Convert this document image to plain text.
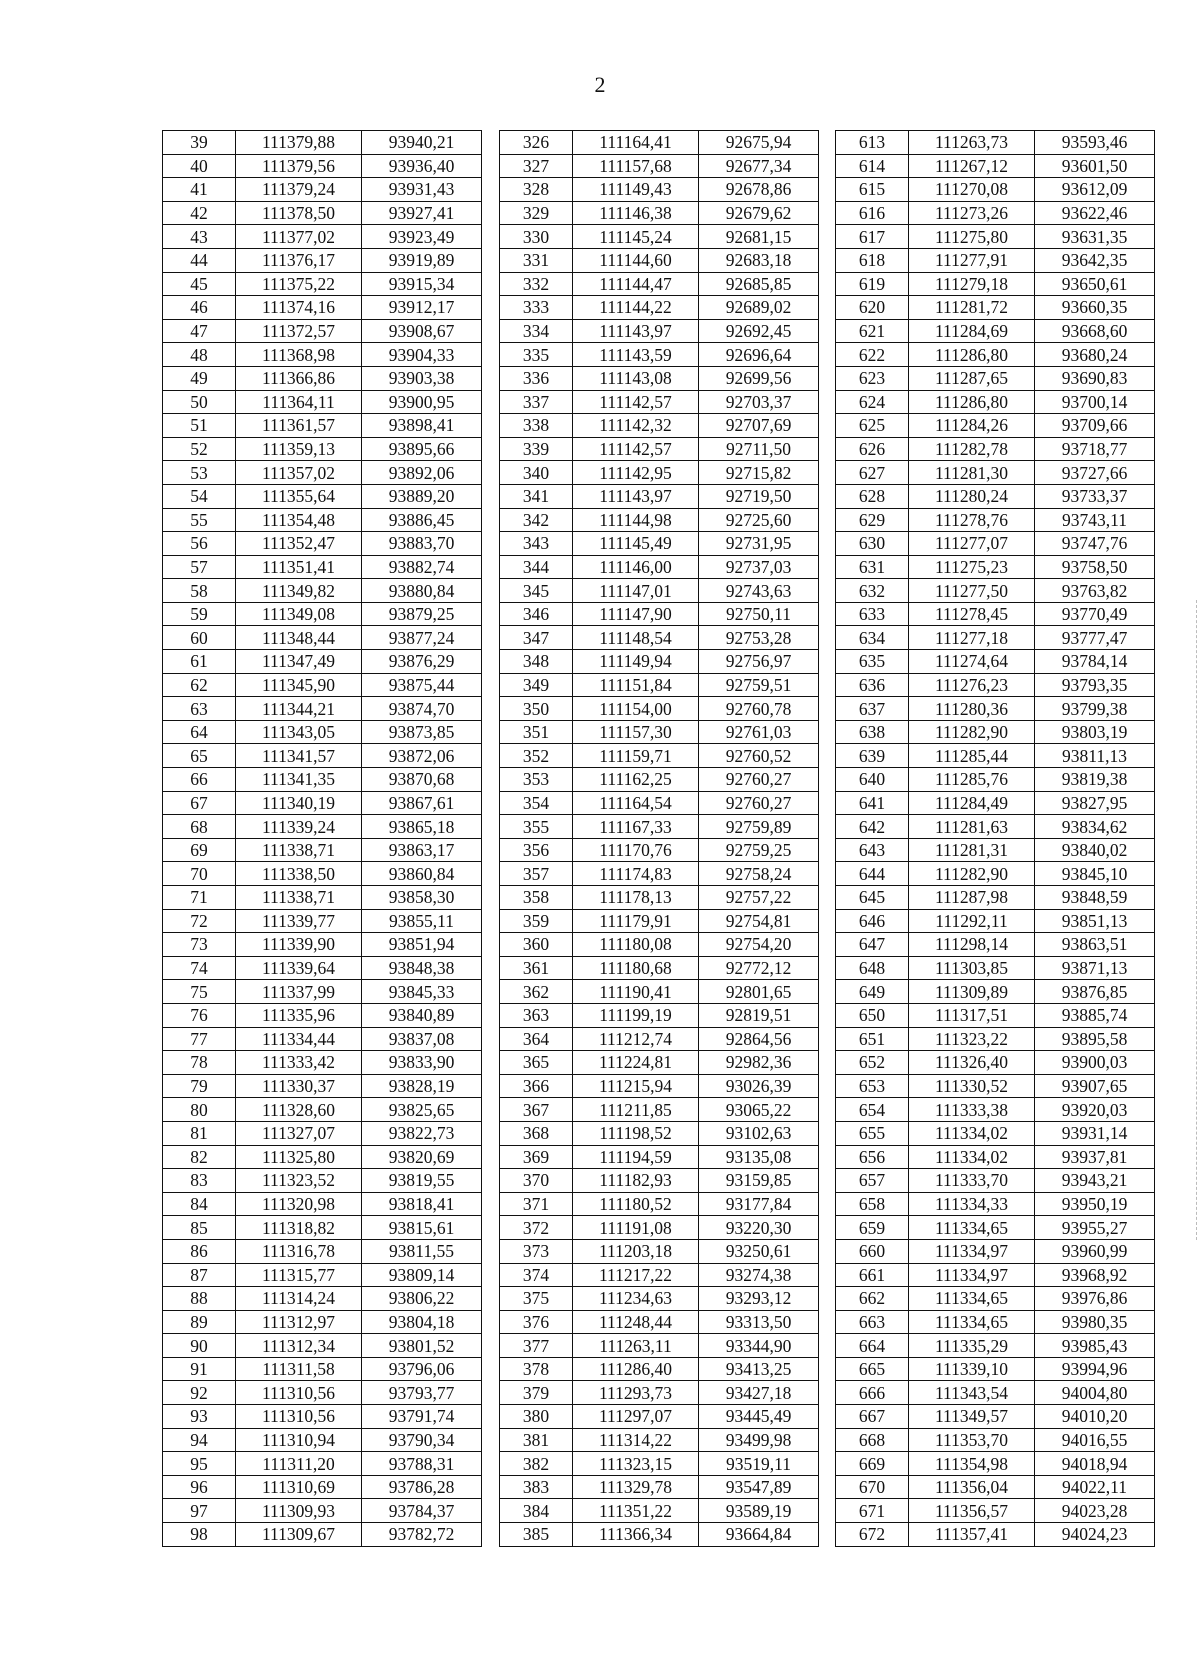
2
39	111379,88	93940,21
40	111379,56	93936,40
41	111379,24	93931,43
42	111378,50	93927,41
43	111377,02	93923,49
44	111376,17	93919,89
45	111375,22	93915,34
46	111374,16	93912,17
47	111372,57	93908,67
48	111368,98	93904,33
49	111366,86	93903,38
50	111364,11	93900,95
51	111361,57	93898,41
52	111359,13	93895,66
53	111357,02	93892,06
54	111355,64	93889,20
55	111354,48	93886,45
56	111352,47	93883,70
57	111351,41	93882,74
58	111349,82	93880,84
59	111349,08	93879,25
60	111348,44	93877,24
61	111347,49	93876,29
62	111345,90	93875,44
63	111344,21	93874,70
64	111343,05	93873,85
65	111341,57	93872,06
66	111341,35	93870,68
67	111340,19	93867,61
68	111339,24	93865,18
69	111338,71	93863,17
70	111338,50	93860,84
71	111338,71	93858,30
72	111339,77	93855,11
73	111339,90	93851,94
74	111339,64	93848,38
75	111337,99	93845,33
76	111335,96	93840,89
77	111334,44	93837,08
78	111333,42	93833,90
79	111330,37	93828,19
80	111328,60	93825,65
81	111327,07	93822,73
82	111325,80	93820,69
83	111323,52	93819,55
84	111320,98	93818,41
85	111318,82	93815,61
86	111316,78	93811,55
87	111315,77	93809,14
88	111314,24	93806,22
89	111312,97	93804,18
90	111312,34	93801,52
91	111311,58	93796,06
92	111310,56	93793,77
93	111310,56	93791,74
94	111310,94	93790,34
95	111311,20	93788,31
96	111310,69	93786,28
97	111309,93	93784,37
98	111309,67	93782,72
326	111164,41	92675,94
327	111157,68	92677,34
328	111149,43	92678,86
329	111146,38	92679,62
330	111145,24	92681,15
331	111144,60	92683,18
332	111144,47	92685,85
333	111144,22	92689,02
334	111143,97	92692,45
335	111143,59	92696,64
336	111143,08	92699,56
337	111142,57	92703,37
338	111142,32	92707,69
339	111142,57	92711,50
340	111142,95	92715,82
341	111143,97	92719,50
342	111144,98	92725,60
343	111145,49	92731,95
344	111146,00	92737,03
345	111147,01	92743,63
346	111147,90	92750,11
347	111148,54	92753,28
348	111149,94	92756,97
349	111151,84	92759,51
350	111154,00	92760,78
351	111157,30	92761,03
352	111159,71	92760,52
353	111162,25	92760,27
354	111164,54	92760,27
355	111167,33	92759,89
356	111170,76	92759,25
357	111174,83	92758,24
358	111178,13	92757,22
359	111179,91	92754,81
360	111180,08	92754,20
361	111180,68	92772,12
362	111190,41	92801,65
363	111199,19	92819,51
364	111212,74	92864,56
365	111224,81	92982,36
366	111215,94	93026,39
367	111211,85	93065,22
368	111198,52	93102,63
369	111194,59	93135,08
370	111182,93	93159,85
371	111180,52	93177,84
372	111191,08	93220,30
373	111203,18	93250,61
374	111217,22	93274,38
375	111234,63	93293,12
376	111248,44	93313,50
377	111263,11	93344,90
378	111286,40	93413,25
379	111293,73	93427,18
380	111297,07	93445,49
381	111314,22	93499,98
382	111323,15	93519,11
383	111329,78	93547,89
384	111351,22	93589,19
385	111366,34	93664,84
613	111263,73	93593,46
614	111267,12	93601,50
615	111270,08	93612,09
616	111273,26	93622,46
617	111275,80	93631,35
618	111277,91	93642,35
619	111279,18	93650,61
620	111281,72	93660,35
621	111284,69	93668,60
622	111286,80	93680,24
623	111287,65	93690,83
624	111286,80	93700,14
625	111284,26	93709,66
626	111282,78	93718,77
627	111281,30	93727,66
628	111280,24	93733,37
629	111278,76	93743,11
630	111277,07	93747,76
631	111275,23	93758,50
632	111277,50	93763,82
633	111278,45	93770,49
634	111277,18	93777,47
635	111274,64	93784,14
636	111276,23	93793,35
637	111280,36	93799,38
638	111282,90	93803,19
639	111285,44	93811,13
640	111285,76	93819,38
641	111284,49	93827,95
642	111281,63	93834,62
643	111281,31	93840,02
644	111282,90	93845,10
645	111287,98	93848,59
646	111292,11	93851,13
647	111298,14	93863,51
648	111303,85	93871,13
649	111309,89	93876,85
650	111317,51	93885,74
651	111323,22	93895,58
652	111326,40	93900,03
653	111330,52	93907,65
654	111333,38	93920,03
655	111334,02	93931,14
656	111334,02	93937,81
657	111333,70	93943,21
658	111334,33	93950,19
659	111334,65	93955,27
660	111334,97	93960,99
661	111334,97	93968,92
662	111334,65	93976,86
663	111334,65	93980,35
664	111335,29	93985,43
665	111339,10	93994,96
666	111343,54	94004,80
667	111349,57	94010,20
668	111353,70	94016,55
669	111354,98	94018,94
670	111356,04	94022,11
671	111356,57	94023,28
672	111357,41	94024,23
